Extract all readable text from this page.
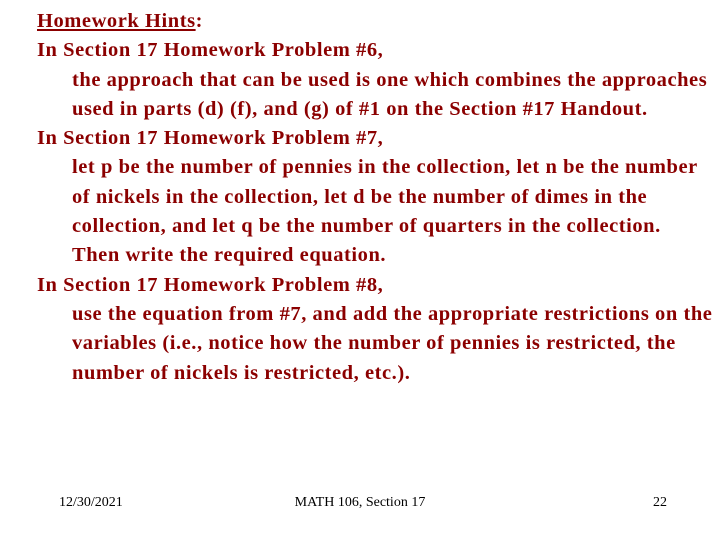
Homework Hints:
In Section 17 Homework Problem #6,
the approach that can be used is one which combines the approaches used in parts (d) (f), and (g) of #1 on the Section #17 Handout.
In Section 17 Homework Problem #7,
let p be the number of pennies in the collection, let n be the number of nickels in the collection, let d be the number of dimes in the collection, and let q be the number of quarters in the collection. Then write the required equation.
In Section 17 Homework Problem #8,
use the equation from #7, and add the appropriate restrictions on the variables (i.e., notice how the number of pennies is restricted, the number of nickels is restricted, etc.).
12/30/2021	MATH 106, Section 17	22
